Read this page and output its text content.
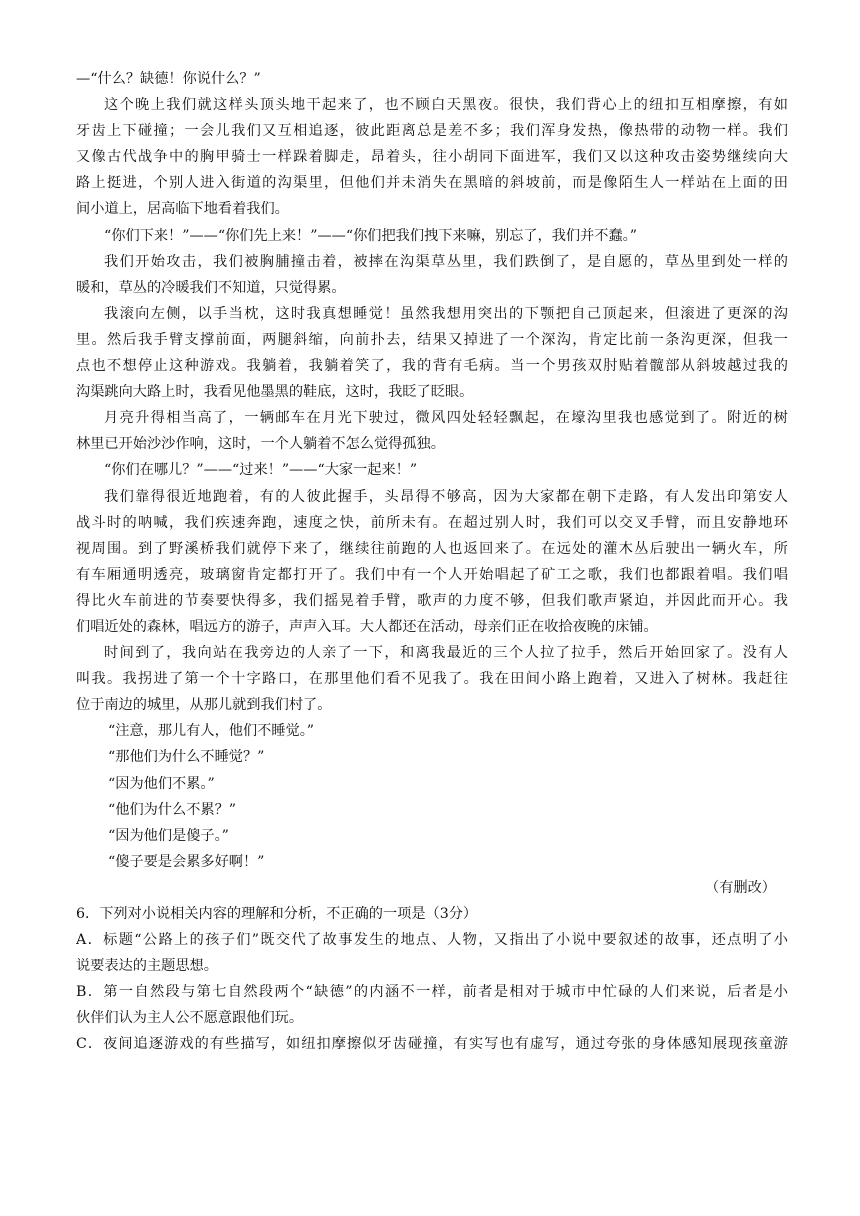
—“什么？缺德！你说什么？”
这个晚上我们就这样头顶头地干起来了，也不顾白天黑夜。很快，我们背心上的纽扣互相摩擦，有如
牙齿上下碰撞；一会儿我们又互相追逐，彼此距离总是差不多；我们浑身发热，像热带的动物一样。我们
又像古代战争中的胸甲骑士一样跺着脚走，昂着头，往小胡同下面进军，我们又以这种攻击姿势继续向大
路上挺进，个别人进入街道的沟渠里，但他们并未消失在黑暗的斜坡前，而是像陌生人一样站在上面的田
间小道上，居高临下地看着我们。
“你们下来！”——“你们先上来！”——“你们把我们拽下来嘛，别忘了，我们并不蠢。”
我们开始攻击，我们被胸脯撞击着，被摔在沟渠草丛里，我们跌倒了，是自愿的，草丛里到处一样的
暖和，草丛的冷暖我们不知道，只觉得累。
我滚向左侧，以手当枕，这时我真想睡觉！虽然我想用突出的下颚把自己顶起来，但滚进了更深的沟
里。然后我手臂支撑前面，两腿斜缩，向前扑去，结果又掉进了一个深沟，肯定比前一条沟更深，但我一
点也不想停止这种游戏。我躺着，我躺着笑了，我的背有毛病。当一个男孩双肘贴着髋部从斜坡越过我的
沟渠跳向大路上时，我看见他墨黑的鞋底，这时，我眨了眨眼。
月亮升得相当高了，一辆邮车在月光下驶过，微风四处轻轻飘起，在壕沟里我也感觉到了。附近的树
林里已开始沙沙作响，这时，一个人躺着不怎么觉得孤独。
“你们在哪儿？”——“过来！”——“大家一起来！”
我们靠得很近地跑着，有的人彼此握手，头昂得不够高，因为大家都在朝下走路，有人发出印第安人
战斗时的呐喊，我们疾速奔跑，速度之快，前所未有。在超过别人时，我们可以交叉手臂，而且安静地环
视周围。到了野溪桥我们就停下来了，继续往前跑的人也返回来了。在远处的灌木丛后驶出一辆火车，所
有车厢通明透亮，玻璃窗肯定都打开了。我们中有一个人开始唱起了矿工之歌，我们也都跟着唱。我们唱
得比火车前进的节奏要快得多，我们摇晃着手臂，歌声的力度不够，但我们歌声紧迫，并因此而开心。我
们唱近处的森林，唱远方的游子，声声入耳。大人都还在活动，母亲们正在收拾夜晚的床铺。
时间到了，我向站在我旁边的人亲了一下，和离我最近的三个人拉了拉手，然后开始回家了。没有人
叫我。我拐进了第一个十字路口，在那里他们看不见我了。我在田间小路上跑着，又进入了树林。我赶往
位于南边的城里，从那儿就到我们村了。
“注意，那儿有人，他们不睡觉。”
“那他们为什么不睡觉？”
“因为他们不累。”
“他们为什么不累？”
“因为他们是傻子。”
“傻子要是会累多好啊！”
（有删改）
6．下列对小说相关内容的理解和分析，不正确的一项是（3分）
A．标题“公路上的孩子们”既交代了故事发生的地点、人物，又指出了小说中要叙述的故事，还点明了小
说要表达的主题思想。
B．第一自然段与第七自然段两个“缺德”的内涵不一样，前者是相对于城市中忙碌的人们来说，后者是小
伙伴们认为主人公不愿意跟他们玩。
C．夜间追逐游戏的有些描写，如纽扣摩擦似牙齿碰撞，有实写也有虚写，通过夸张的身体感知展现孩童游
